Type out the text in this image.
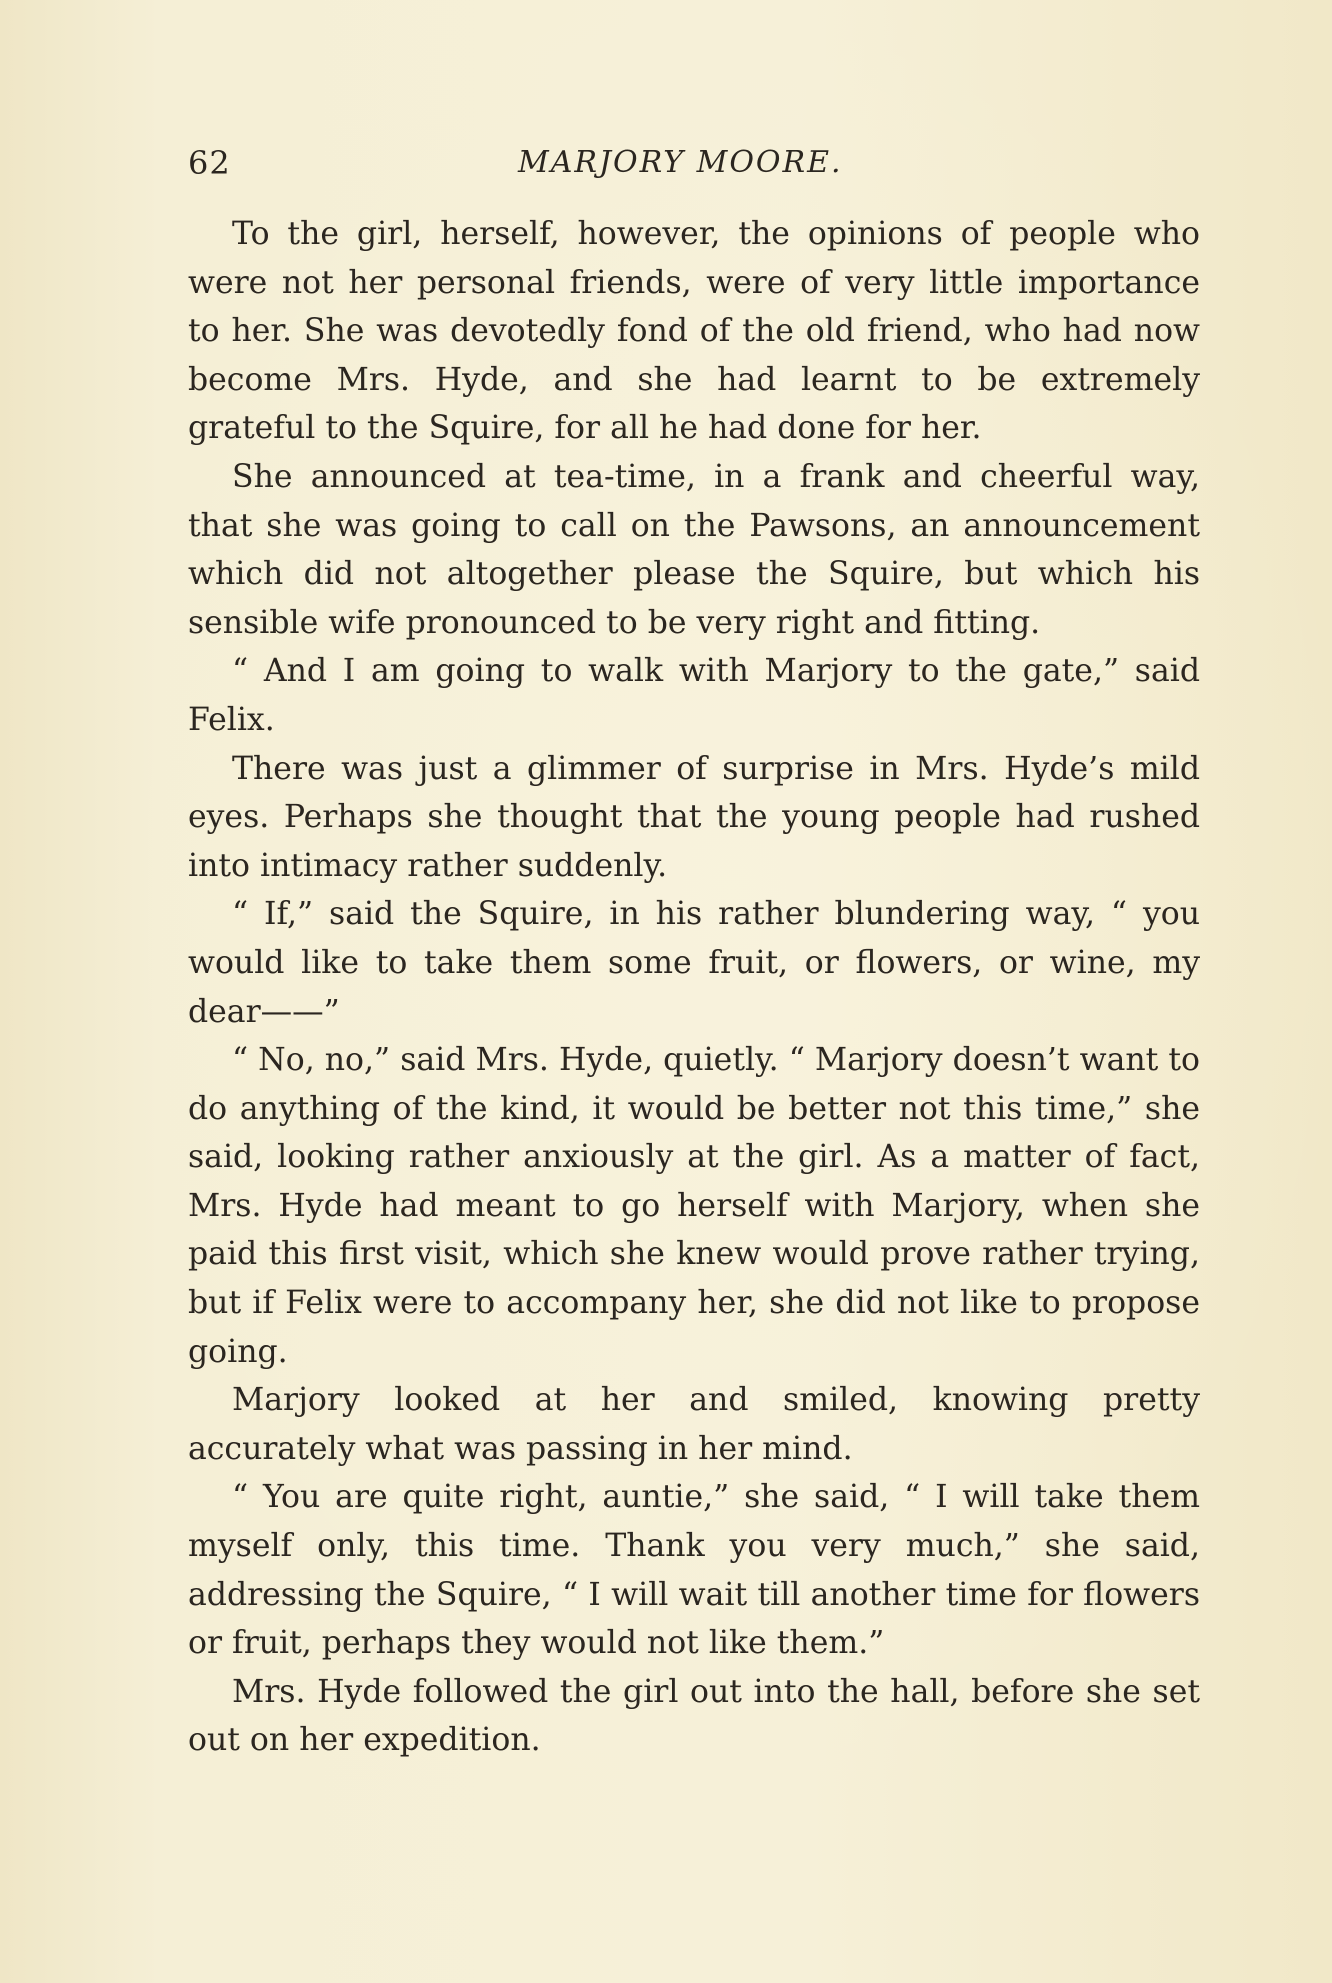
62	MARJORY MOORE.

To the girl, herself, however, the opinions of people who were not her personal friends, were of very little importance to her. She was devotedly fond of the old friend, who had now become Mrs. Hyde, and she had learnt to be extremely grateful to the Squire, for all he had done for her.

She announced at tea-time, in a frank and cheerful way, that she was going to call on the Pawsons, an announcement which did not altogether please the Squire, but which his sensible wife pronounced to be very right and fitting.

“ And I am going to walk with Marjory to the gate,” said Felix.

There was just a glimmer of surprise in Mrs. Hyde’s mild eyes. Perhaps she thought that the young people had rushed into intimacy rather suddenly.

“ If,” said the Squire, in his rather blundering way, “ you would like to take them some fruit, or flowers, or wine, my dear——”

“ No, no,” said Mrs. Hyde, quietly. “ Marjory doesn’t want to do anything of the kind, it would be better not this time,” she said, looking rather anxiously at the girl. As a matter of fact, Mrs. Hyde had meant to go herself with Marjory, when she paid this first visit, which she knew would prove rather trying, but if Felix were to accompany her, she did not like to propose going.

Marjory looked at her and smiled, knowing pretty accurately what was passing in her mind.

“ You are quite right, auntie,” she said, “ I will take them myself only, this time. Thank you very much,” she said, addressing the Squire, “ I will wait till another time for flowers or fruit, perhaps they would not like them.”

Mrs. Hyde followed the girl out into the hall, before she set out on her expedition.
